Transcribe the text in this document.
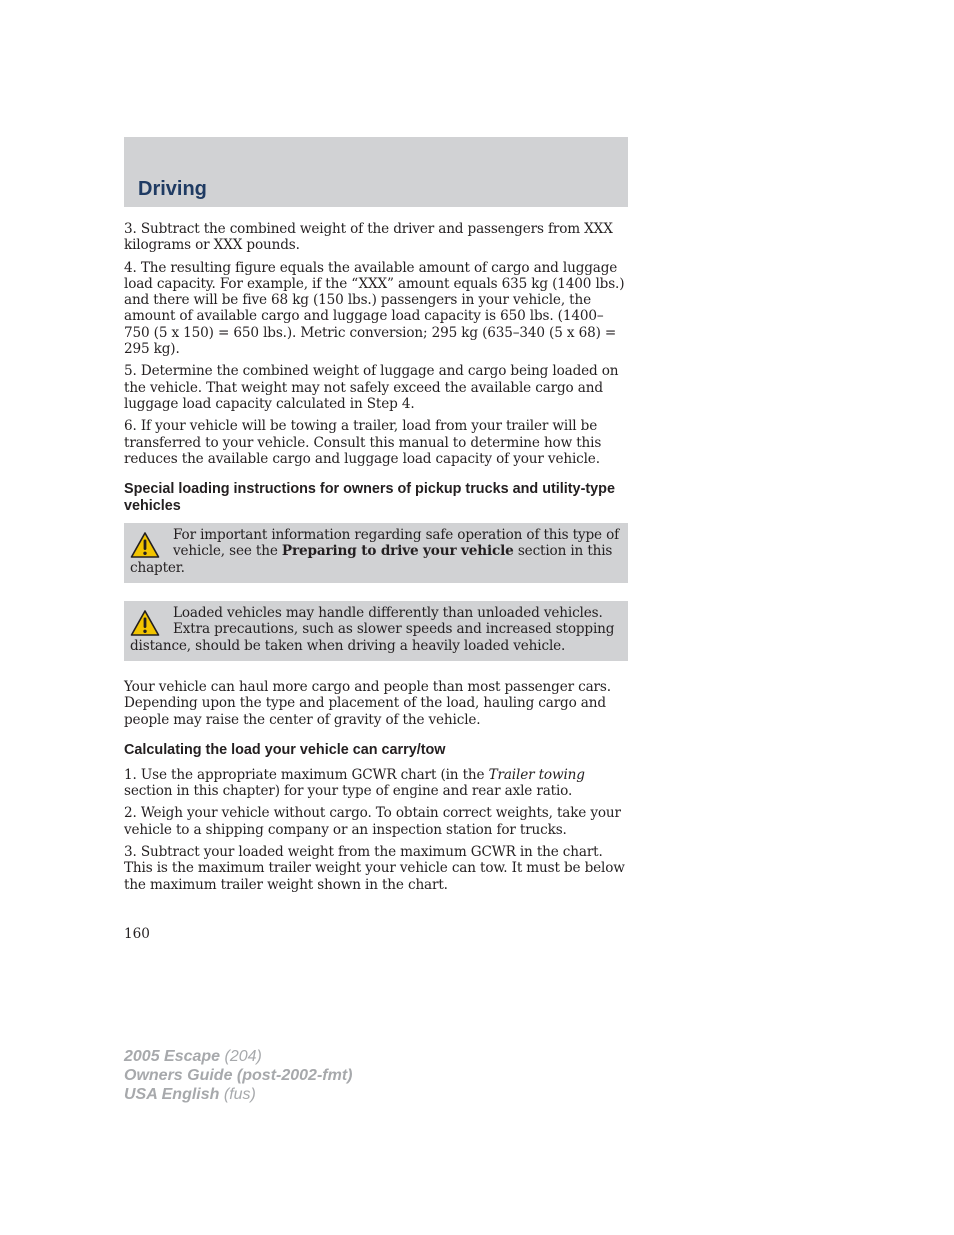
Driving

3. Subtract the combined weight of the driver and passengers from XXX kilograms or XXX pounds.

4. The resulting figure equals the available amount of cargo and luggage load capacity. For example, if the “XXX” amount equals 635 kg (1400 lbs.) and there will be five 68 kg (150 lbs.) passengers in your vehicle, the amount of available cargo and luggage load capacity is 650 lbs. (1400–750 (5 x 150) = 650 lbs.). Metric conversion; 295 kg (635–340 (5 x 68) = 295 kg).

5. Determine the combined weight of luggage and cargo being loaded on the vehicle. That weight may not safely exceed the available cargo and luggage load capacity calculated in Step 4.

6. If your vehicle will be towing a trailer, load from your trailer will be transferred to your vehicle. Consult this manual to determine how this reduces the available cargo and luggage load capacity of your vehicle.

Special loading instructions for owners of pickup trucks and utility-type vehicles
For important information regarding safe operation of this type of vehicle, see the Preparing to drive your vehicle section in this chapter.
Loaded vehicles may handle differently than unloaded vehicles. Extra precautions, such as slower speeds and increased stopping distance, should be taken when driving a heavily loaded vehicle.

Your vehicle can haul more cargo and people than most passenger cars. Depending upon the type and placement of the load, hauling cargo and people may raise the center of gravity of the vehicle.

Calculating the load your vehicle can carry/tow

1. Use the appropriate maximum GCWR chart (in the Trailer towing section in this chapter) for your type of engine and rear axle ratio.

2. Weigh your vehicle without cargo. To obtain correct weights, take your vehicle to a shipping company or an inspection station for trucks.

3. Subtract your loaded weight from the maximum GCWR in the chart. This is the maximum trailer weight your vehicle can tow. It must be below the maximum trailer weight shown in the chart.

160

2005 Escape (204)
Owners Guide (post-2002-fmt)
USA English (fus)
